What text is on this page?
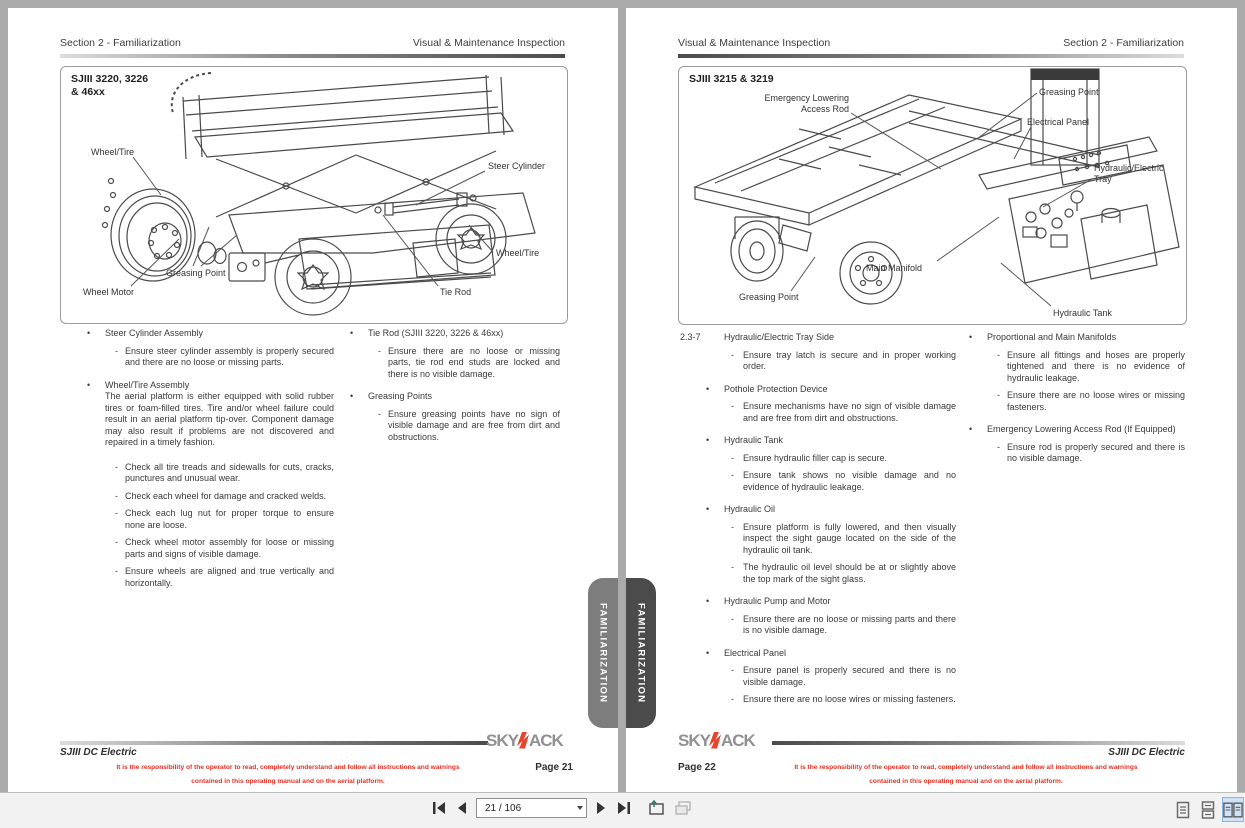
Section 2 - Familiarization	Visual & Maintenance Inspection
SJIII 3220, 3226
& 46xx
Wheel/Tire
Steer Cylinder
Wheel/Tire
Greasing Point
Wheel Motor	Tie Rod
• Steer Cylinder Assembly
- Ensure steer cylinder assembly is properly secured and there are no loose or missing parts.
• Wheel/Tire Assembly
The aerial platform is either equipped with solid rubber tires or foam-filled tires. Tire and/or wheel failure could result in an aerial platform tip-over. Component damage may also result if problems are not discovered and repaired in a timely fashion.
- Check all tire treads and sidewalls for cuts, cracks, punctures and unusual wear.
- Check each wheel for damage and cracked welds.
- Check each lug nut for proper torque to ensure none are loose.
- Check wheel motor assembly for loose or missing parts and signs of visible damage.
- Ensure wheels are aligned and true vertically and horizontally.
• Tie Rod (SJIII 3220, 3226 & 46xx)
- Ensure there are no loose or missing parts, tie rod end studs are locked and there is no visible damage.
• Greasing Points
- Ensure greasing points have no sign of visible damage and are free from dirt and obstructions.
SKY ACK
SJIII DC Electric
It is the responsibility of the operator to read, completely understand and follow all instructions and warnings
contained in this operating manual and on the aerial platform.
Page 21
FAMILIARIZATION
Visual & Maintenance Inspection	Section 2 - Familiarization
SJIII 3215 & 3219
Emergency Lowering
Access Rod
Greasing Point
Electrical Panel
Hydraulic/Electric
Tray
Main Manifold
Greasing Point
Hydraulic Tank
2.3-7	Hydraulic/Electric Tray Side
- Ensure tray latch is secure and in proper working order.
• Pothole Protection Device
- Ensure mechanisms have no sign of visible damage and are free from dirt and obstructions.
• Hydraulic Tank
- Ensure hydraulic filler cap is secure.
- Ensure tank shows no visible damage and no evidence of hydraulic leakage.
• Hydraulic Oil
- Ensure platform is fully lowered, and then visually inspect the sight gauge located on the side of the hydraulic oil tank.
- The hydraulic oil level should be at or slightly above the top mark of the sight glass.
• Hydraulic Pump and Motor
- Ensure there are no loose or missing parts and there is no visible damage.
• Electrical Panel
- Ensure panel is properly secured and there is no visible damage.
- Ensure there are no loose wires or missing fasteners.
• Proportional and Main Manifolds
- Ensure all fittings and hoses are properly tightened and there is no evidence of hydraulic leakage.
- Ensure there are no loose wires or missing fasteners.
• Emergency Lowering Access Rod (If Equipped)
- Ensure rod is properly secured and there is no visible damage.
SKY ACK
SJIII DC Electric
Page 22	It is the responsibility of the operator to read, completely understand and follow all instructions and warnings
contained in this operating manual and on the aerial platform.
FAMILIARIZATION
21 / 106
